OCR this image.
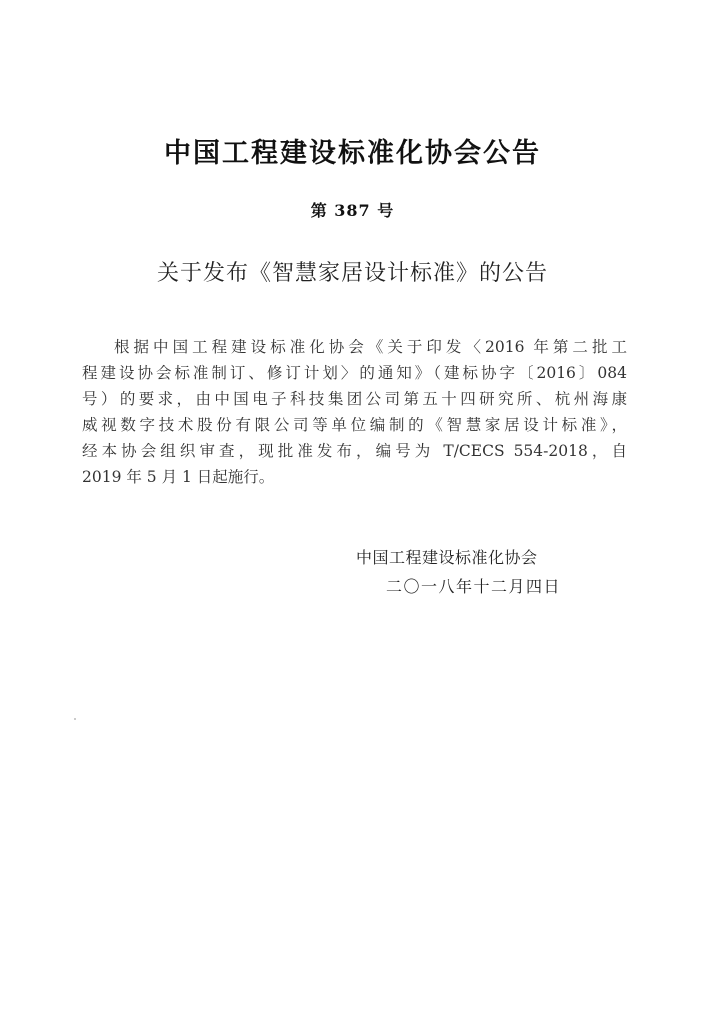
中国工程建设标准化协会公告
第 387 号
关于发布《智慧家居设计标准》的公告
根据中国工程建设标准化协会《关于印发〈2016 年第二批工
程建设协会标准制订、修订计划〉的通知》（建标协字〔2016〕084
号）的要求，由中国电子科技集团公司第五十四研究所、杭州海康
威视数字技术股份有限公司等单位编制的《智慧家居设计标准》，
经本协会组织审查，现批准发布，编号为 T/CECS 554-2018，自
2019 年 5 月 1 日起施行。
中国工程建设标准化协会
二〇一八年十二月四日
